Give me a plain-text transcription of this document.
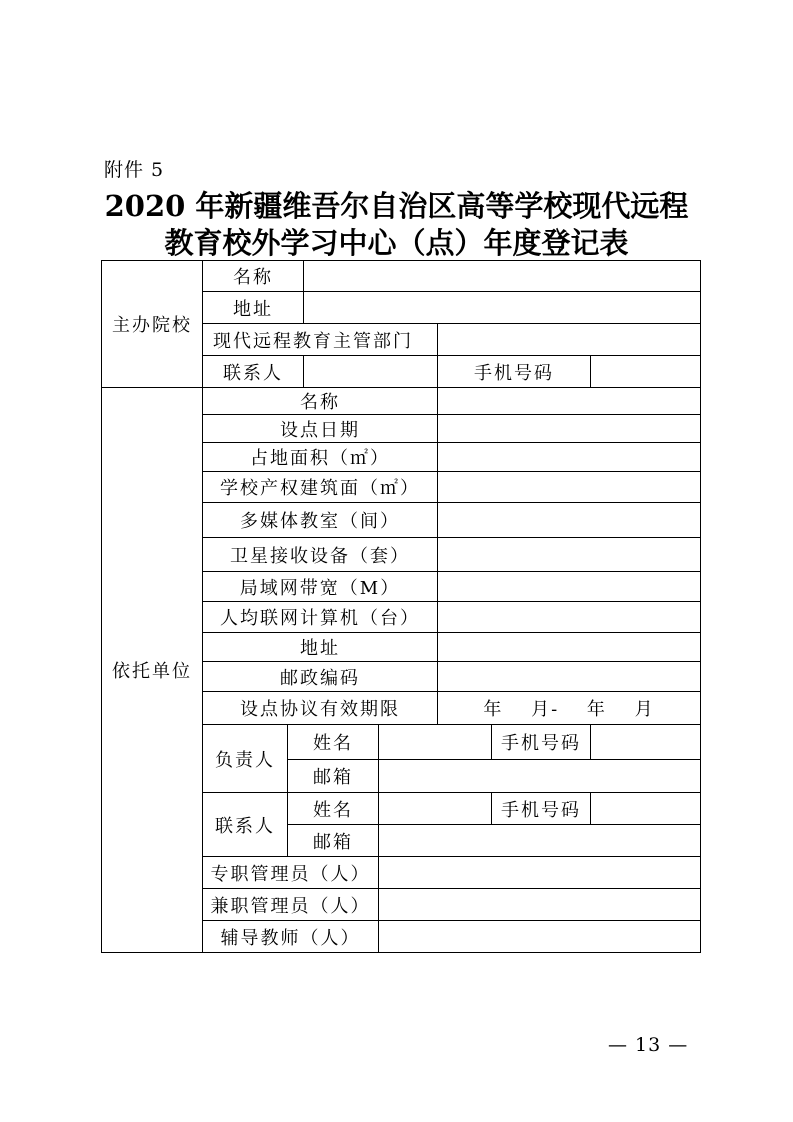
附件 5
2020 年新疆维吾尔自治区高等学校现代远程
教育校外学习中心（点）年度登记表
主办院校	名称						
	地址						
	现代远程教育主管部门						
	联系人				手机号码		
依托单位	名称						
	设点日期						
	占地面积（㎡）						
	学校产权建筑面（㎡）						
	多媒体教室（间）						
	卫星接收设备（套）						
	局域网带宽（M）						
	人均联网计算机（台）						
	地址						
	邮政编码						
	设点协议有效期限				年　 月-　 年　 月		
	负责人	姓名				手机号码	
		邮箱					
	联系人	姓名				手机号码	
		邮箱					
	专职管理员（人）						
	兼职管理员（人）						
	辅导教师（人）						
— 13 —
